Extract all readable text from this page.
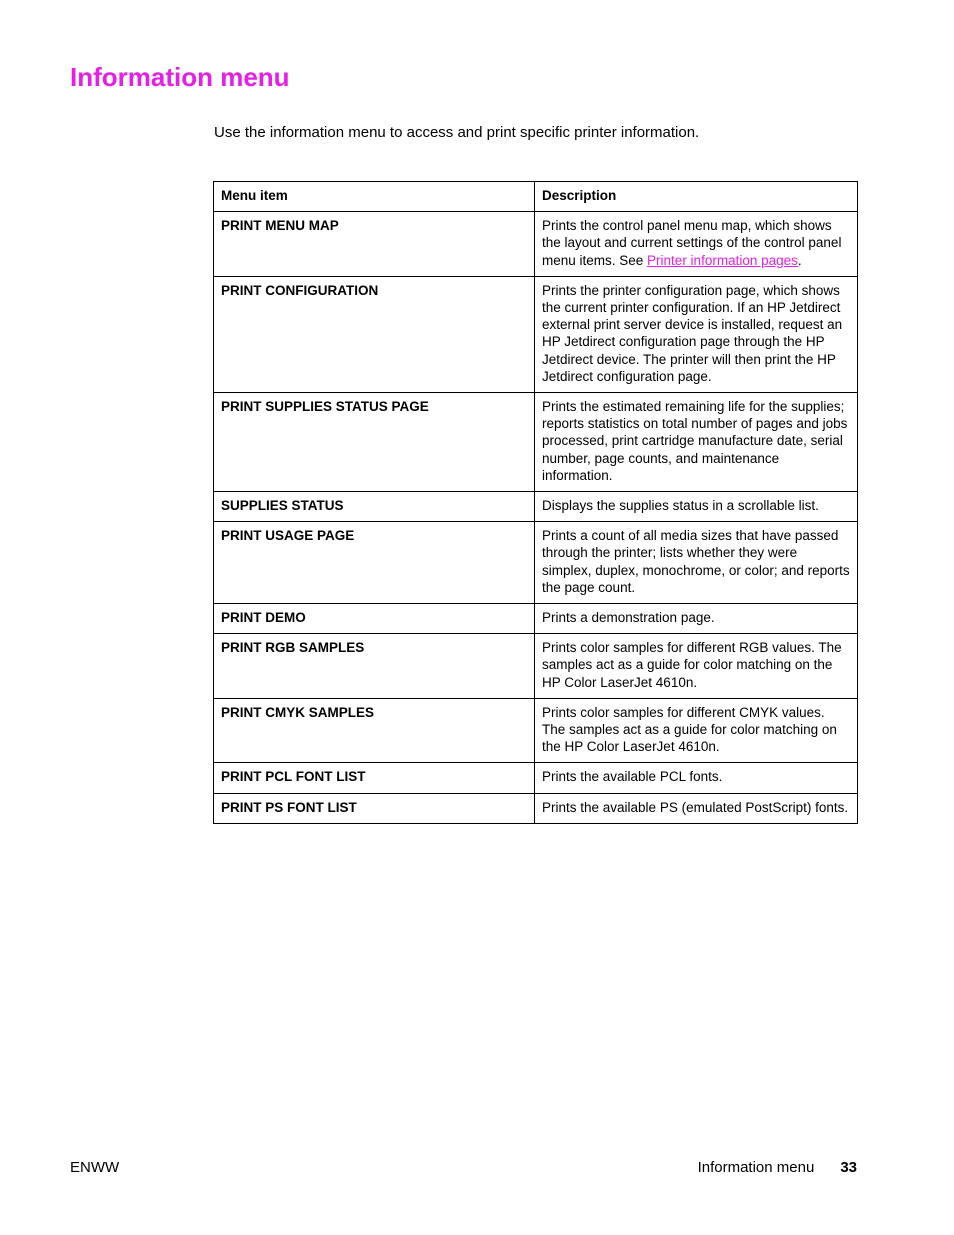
Information menu

Use the information menu to access and print specific printer information.

Menu item	Description
PRINT MENU MAP	Prints the control panel menu map, which shows the layout and current settings of the control panel menu items. See Printer information pages.
PRINT CONFIGURATION	Prints the printer configuration page, which shows the current printer configuration. If an HP Jetdirect external print server device is installed, request an HP Jetdirect configuration page through the HP Jetdirect device. The printer will then print the HP Jetdirect configuration page.
PRINT SUPPLIES STATUS PAGE	Prints the estimated remaining life for the supplies; reports statistics on total number of pages and jobs processed, print cartridge manufacture date, serial number, page counts, and maintenance information.
SUPPLIES STATUS	Displays the supplies status in a scrollable list.
PRINT USAGE PAGE	Prints a count of all media sizes that have passed through the printer; lists whether they were simplex, duplex, monochrome, or color; and reports the page count.
PRINT DEMO	Prints a demonstration page.
PRINT RGB SAMPLES	Prints color samples for different RGB values. The samples act as a guide for color matching on the HP Color LaserJet 4610n.
PRINT CMYK SAMPLES	Prints color samples for different CMYK values. The samples act as a guide for color matching on the HP Color LaserJet 4610n.
PRINT PCL FONT LIST	Prints the available PCL fonts.
PRINT PS FONT LIST	Prints the available PS (emulated PostScript) fonts.
ENWW	Information menu 33
